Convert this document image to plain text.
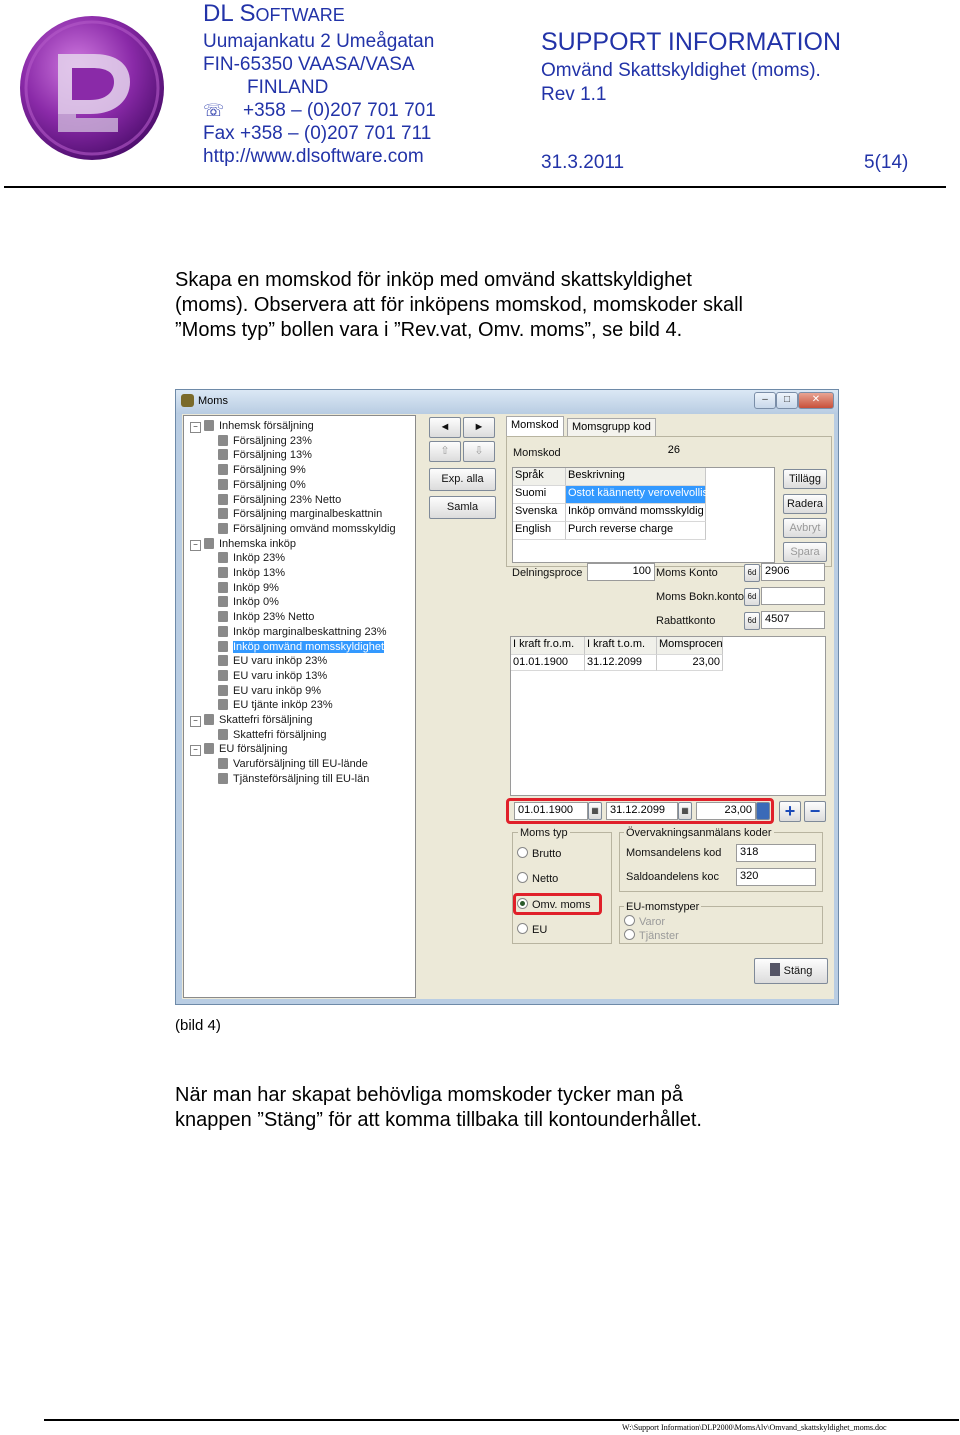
DL SOFTWARE
Uumajankatu 2 Umeågatan
FIN-65350 VAASA/VASA
FINLAND
☏ +358 – (0)207 701 701
Fax +358 – (0)207 701 711
http://www.dlsoftware.com
SUPPORT INFORMATION
Omvänd Skattskyldighet (moms).
Rev 1.1
31.3.2011	5(14)
Skapa en momskod för inköp med omvänd skattskyldighet
(moms). Observera att för inköpens momskod, momskoder skall
”Moms typ” bollen vara i ”Rev.vat, Omv. moms”, se bild 4.
Moms	–	□	✕
− Inhemsk försäljning
Försäljning 23%
Försäljning 13%
Försäljning 9%
Försäljning 0%
Försäljning 23% Netto
Försäljning marginalbeskattnin
Försäljning omvänd momsskyldig
− Inhemska inköp
Inköp 23%
Inköp 13%
Inköp 9%
Inköp 0%
Inköp 23% Netto
Inköp marginalbeskattning 23%
Inköp omvänd momsskyldighet
EU varu inköp 23%
EU varu inköp 13%
EU varu inköp 9%
EU tjänte inköp 23%
− Skattefri försäljning
Skattefri försäljning
− EU försäljning
Varuförsäljning till EU-lände
Tjänsteförsäljning till EU-län
◄	►
⇧	⇩
Exp. alla
Samla
Momskod	Momsgrupp kod
Momskod	26
Språk	Beskrivning
Suomi	Ostot käännetty verovelvollis
Svenska Inköp omvänd momsskyldig
English	Purch reverse charge
Tillägg
Radera
Avbryt
Spara
Delningsproce	100 Moms Konto	6d 2906
Moms Bokn.konto 6d
Rabattkonto	6d 4507
I kraft fr.o.m.	I kraft t.o.m.	Momsprocen
01.01.1900	31.12.2099	23,00
01.01.1900	▦	31.12.2099	▦	23,00	+ −
Moms typ
Brutto
Netto
Omv. moms
EU
Övervakningsanmälans koder
Momsandelens kod	318
Saldoandelens koc	320
EU-momstyper
Varor
Tjänster
Stäng
(bild 4)
När man har skapat behövliga momskoder tycker man på
knappen ”Stäng” för att komma tillbaka till kontounderhållet.
W:\Support Information\DLP2000\MomsAlv\Omvand_skattskyldighet_moms.doc
